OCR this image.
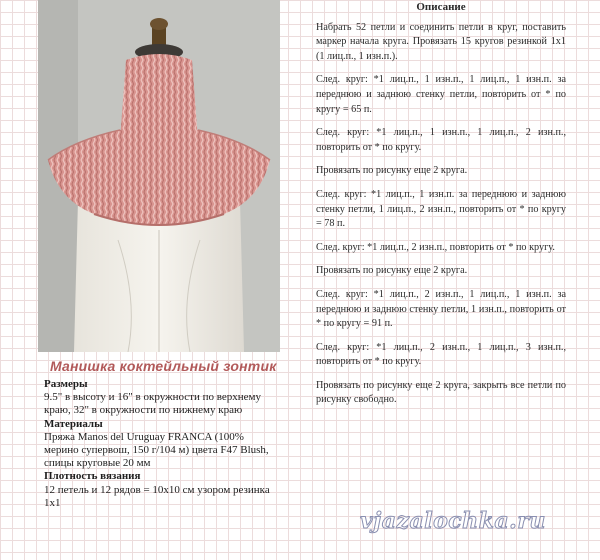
Манишка коктейльный зонтик

Размеры

9.5" в высоту и 16" в окружности по верхнему краю, 32" в окружности по нижнему краю

Материалы

Пряжа Manos del Uruguay FRANCA (100% мерино супервош, 150 г/104 м) цвета F47 Blush, спицы круговые 20 мм

Плотность вязания

12 петель и 12 рядов = 10х10 см узором резинка 1х1

Описание

Набрать 52 петли и соединить петли в круг, поставить маркер начала круга. Провязать 15 кругов резинкой 1х1 (1 лиц.п., 1 изн.п.).

След. круг: *1 лиц.п., 1 изн.п., 1 лиц.п., 1 изн.п. за переднюю и заднюю стенку петли, повторить от * по кругу = 65 п.

След. круг: *1 лиц.п., 1 изн.п., 1 лиц.п., 2 изн.п., повторить от * по кругу.

Провязать по рисунку еще 2 круга.

След. круг: *1 лиц.п., 1 изн.п. за переднюю и заднюю стенку петли, 1 лиц.п., 2 изн.п., повторить от * по кругу = 78 п.

След. круг: *1 лиц.п., 2 изн.п., повторить от * по кругу.

Провязать по рисунку еще 2 круга.

След. круг: *1 лиц.п., 2 изн.п., 1 лиц.п., 1 изн.п. за переднюю и заднюю стенку петли, 1 изн.п., повторить от * по кругу = 91 п.

След. круг: *1 лиц.п., 2 изн.п., 1 лиц.п., 3 изн.п., повторить от * по кругу.

Провязать по рисунку еще 2 круга, закрыть все петли по рисунку свободно.

vjazalochka.ru
